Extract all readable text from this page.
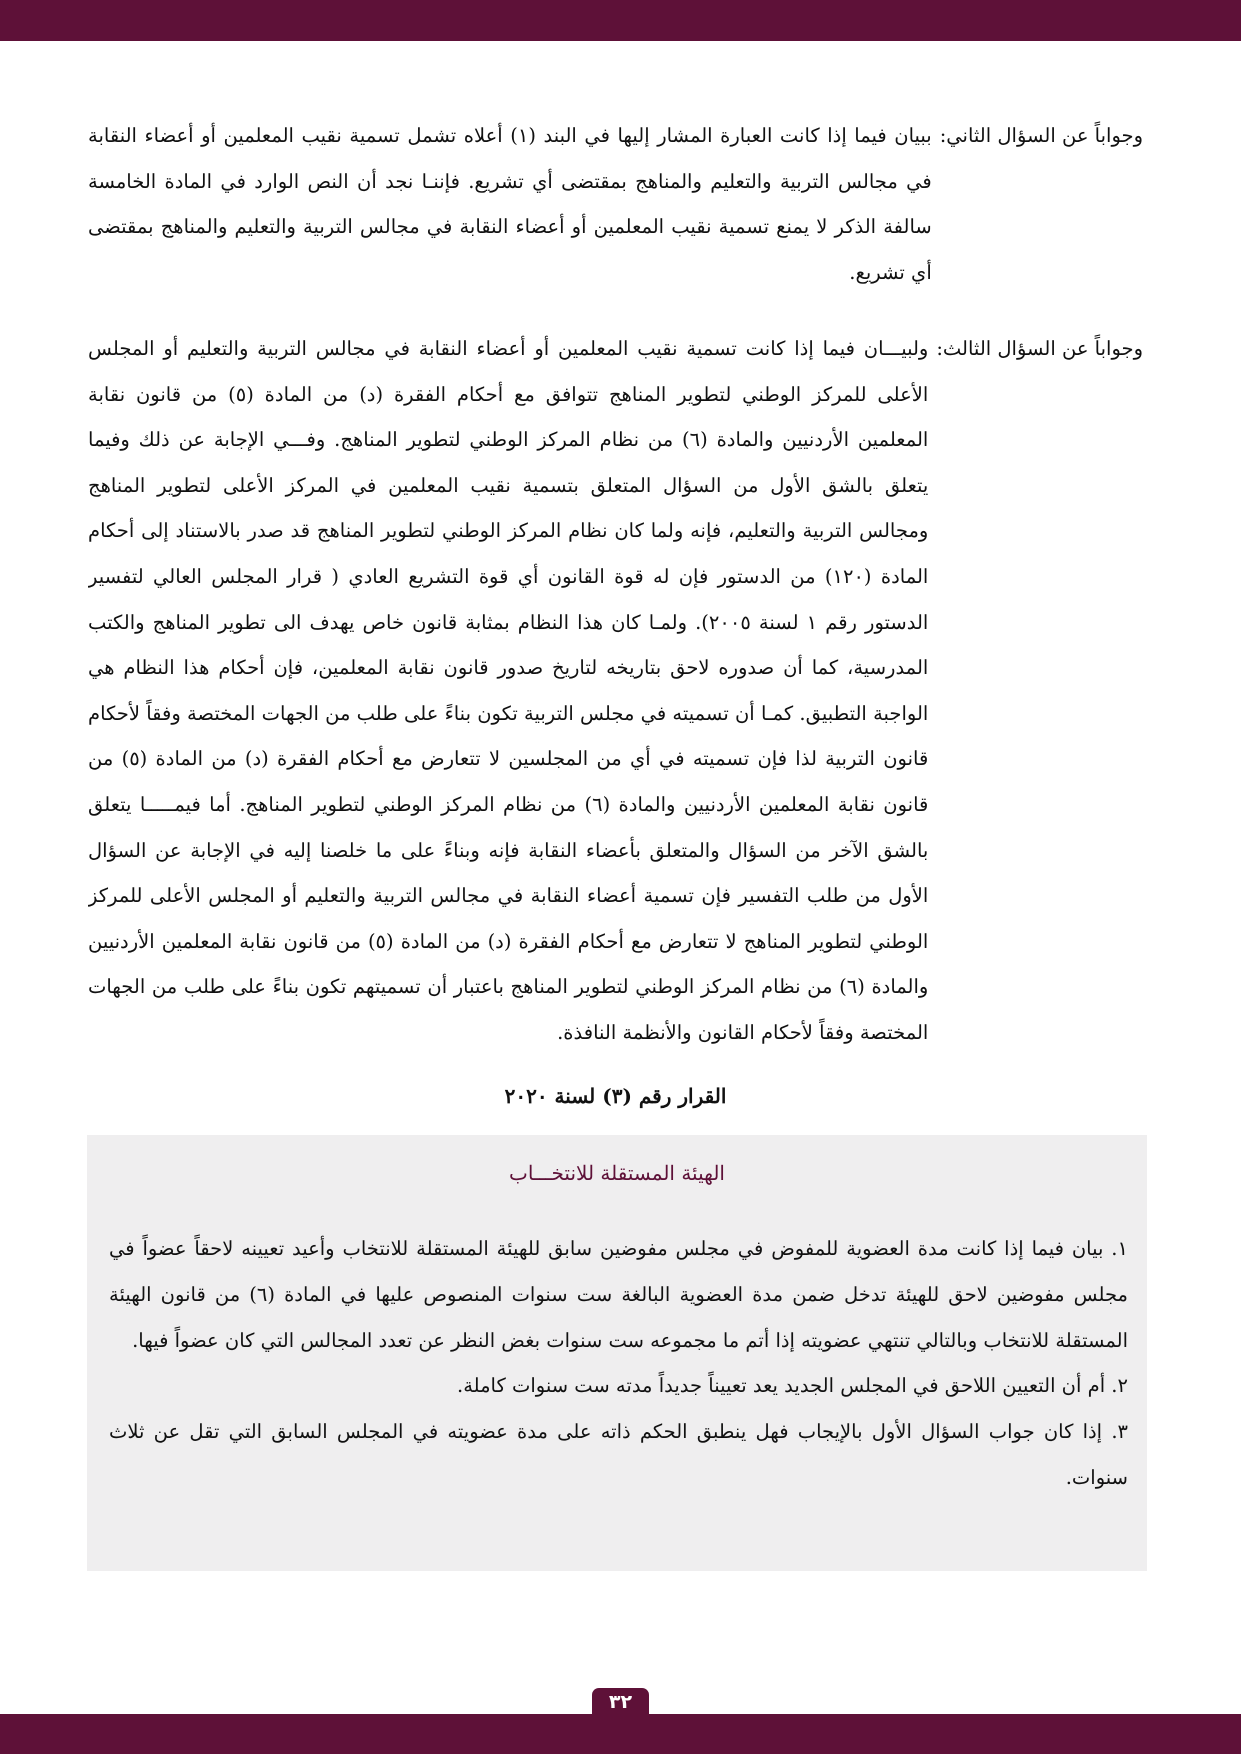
وجواباً عن السؤال الثاني:
ببيان فيما إذا كانت العبارة المشار إليها في البند (١) أعلاه تشمل تسمية نقيب المعلمين أو أعضاء النقابة في مجالس التربية والتعليم والمناهج بمقتضى أي تشريع. فإننـا نجد أن النص الوارد في المادة الخامسة سالفة الذكر لا يمنع تسمية نقيب المعلمين أو أعضاء النقابة في مجالس التربية والتعليم والمناهج بمقتضى أي تشريع.
وجواباً عن السؤال الثالث:
ولبيـــان فيما إذا كانت تسمية نقيب المعلمين أو أعضاء النقابة في مجالس التربية والتعليم أو المجلس الأعلى للمركز الوطني لتطوير المناهج تتوافق مع أحكام الفقرة (د) من المادة (٥) من قانون نقابة المعلمين الأردنيين والمادة (٦) من نظام المركز الوطني لتطوير المناهج. وفـــي الإجابة عن ذلك وفيما يتعلق بالشق الأول من السؤال المتعلق بتسمية نقيب المعلمين في المركز الأعلى لتطوير المناهج ومجالس التربية والتعليم، فإنه ولما كان نظام المركز الوطني لتطوير المناهج قد صدر بالاستناد إلى أحكام المادة (١٢٠) من الدستور فإن له قوة القانون أي قوة التشريع العادي ( قرار المجلس العالي لتفسير الدستور رقم ١ لسنة ٢٠٠٥). ولمـا كان هذا النظام بمثابة قانون خاص يهدف الى تطوير المناهج والكتب المدرسية، كما أن صدوره لاحق بتاريخه لتاريخ صدور قانون نقابة المعلمين، فإن أحكام هذا النظام هي الواجبة التطبيق. كمـا أن تسميته في مجلس التربية تكون بناءً على طلب من الجهات المختصة وفقاً لأحكام قانون التربية لذا فإن تسميته في أي من المجلسين لا تتعارض مع أحكام الفقرة (د) من المادة (٥) من قانون نقابة المعلمين الأردنيين والمادة (٦) من نظام المركز الوطني لتطوير المناهج. أما فيمـــــا يتعلق بالشق الآخر من السؤال والمتعلق بأعضاء النقابة فإنه وبناءً على ما خلصنا إليه في الإجابة عن السؤال الأول من طلب التفسير فإن تسمية أعضاء النقابة في مجالس التربية والتعليم أو المجلس الأعلى للمركز الوطني لتطوير المناهج لا تتعارض مع أحكام الفقرة (د) من المادة (٥) من قانون نقابة المعلمين الأردنيين والمادة (٦) من نظام المركز الوطني لتطوير المناهج باعتبار أن تسميتهم تكون بناءً على طلب من الجهات المختصة وفقاً لأحكام القانون والأنظمة النافذة.
القرار رقم (٣) لسنة ٢٠٢٠
الهيئة المستقلة للانتخـــاب
١. بيان فيما إذا كانت مدة العضوية للمفوض في مجلس مفوضين سابق للهيئة المستقلة للانتخاب وأعيد تعيينه لاحقاً عضواً في مجلس مفوضين لاحق للهيئة تدخل ضمن مدة العضوية البالغة ست سنوات المنصوص عليها في المادة (٦) من قانون الهيئة المستقلة للانتخاب وبالتالي تنتهي عضويته إذا أتم ما مجموعه ست سنوات بغض النظر عن تعدد المجالس التي كان عضواً فيها.
٢. أم أن التعيين اللاحق في المجلس الجديد يعد تعييناً جديداً مدته ست سنوات كاملة.
٣. إذا كان جواب السؤال الأول بالإيجاب فهل ينطبق الحكم ذاته على مدة عضويته في المجلس السابق التي تقل عن ثلاث سنوات.
٣٢
